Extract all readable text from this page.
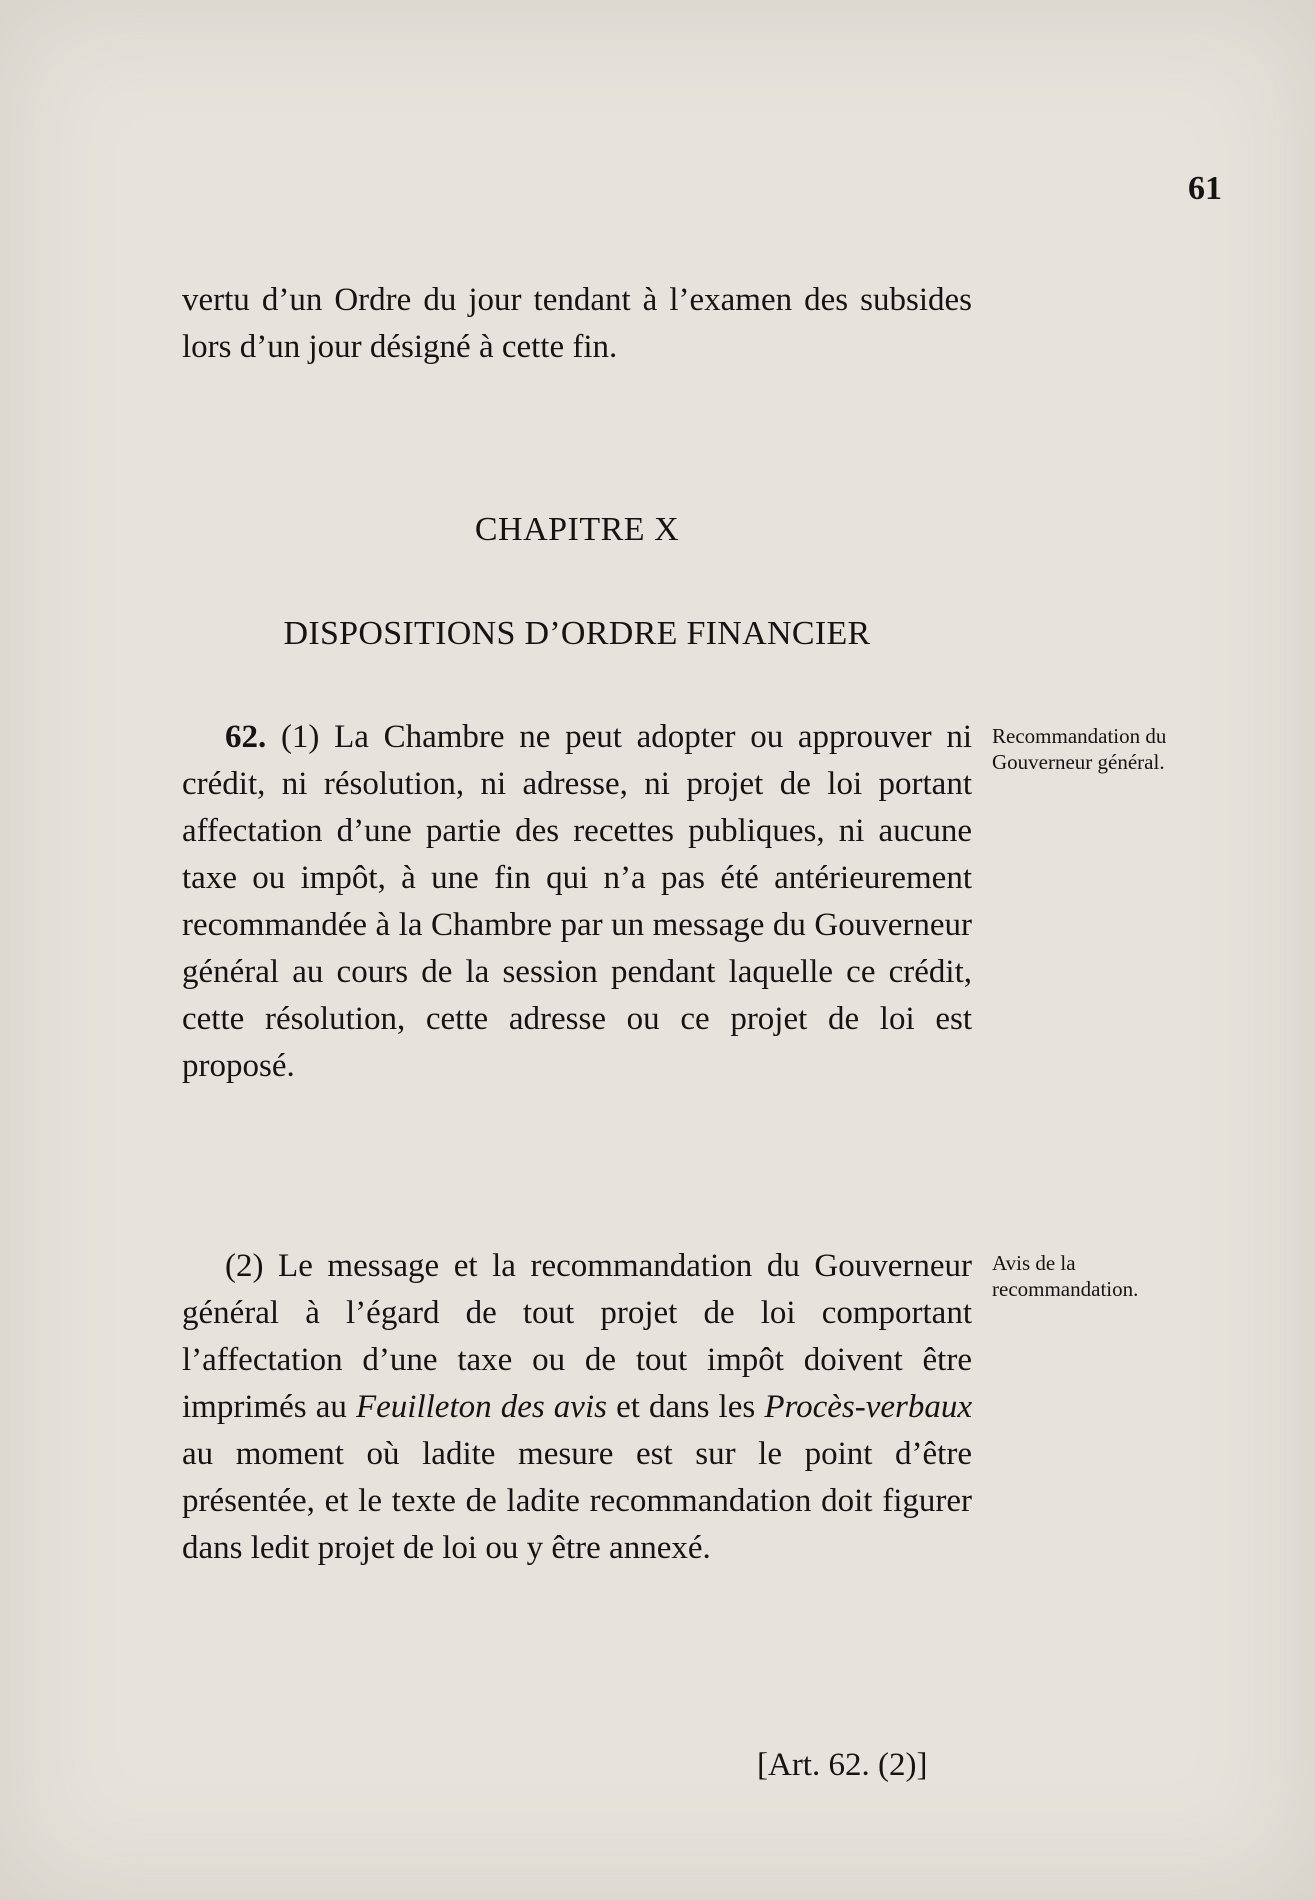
61

vertu d’un Ordre du jour tendant à l’examen des subsides lors d’un jour désigné à cette fin.

CHAPITRE X
DISPOSITIONS D’ORDRE FINANCIER

62. (1) La Chambre ne peut adopter ou approuver ni crédit, ni résolution, ni adresse, ni projet de loi portant affectation d’une partie des recettes publiques, ni aucune taxe ou impôt, à une fin qui n’a pas été antérieurement recommandée à la Chambre par un message du Gouverneur général au cours de la session pendant laquelle ce crédit, cette résolution, cette adresse ou ce projet de loi est proposé.

Recommandation du Gouverneur général.

(2) Le message et la recommandation du Gouverneur général à l’égard de tout projet de loi comportant l’affectation d’une taxe ou de tout impôt doivent être imprimés au Feuilleton des avis et dans les Procès-verbaux au moment où ladite mesure est sur le point d’être présentée, et le texte de ladite recommandation doit figurer dans ledit projet de loi ou y être annexé.

Avis de la recommandation.
[Art. 62. (2)]
